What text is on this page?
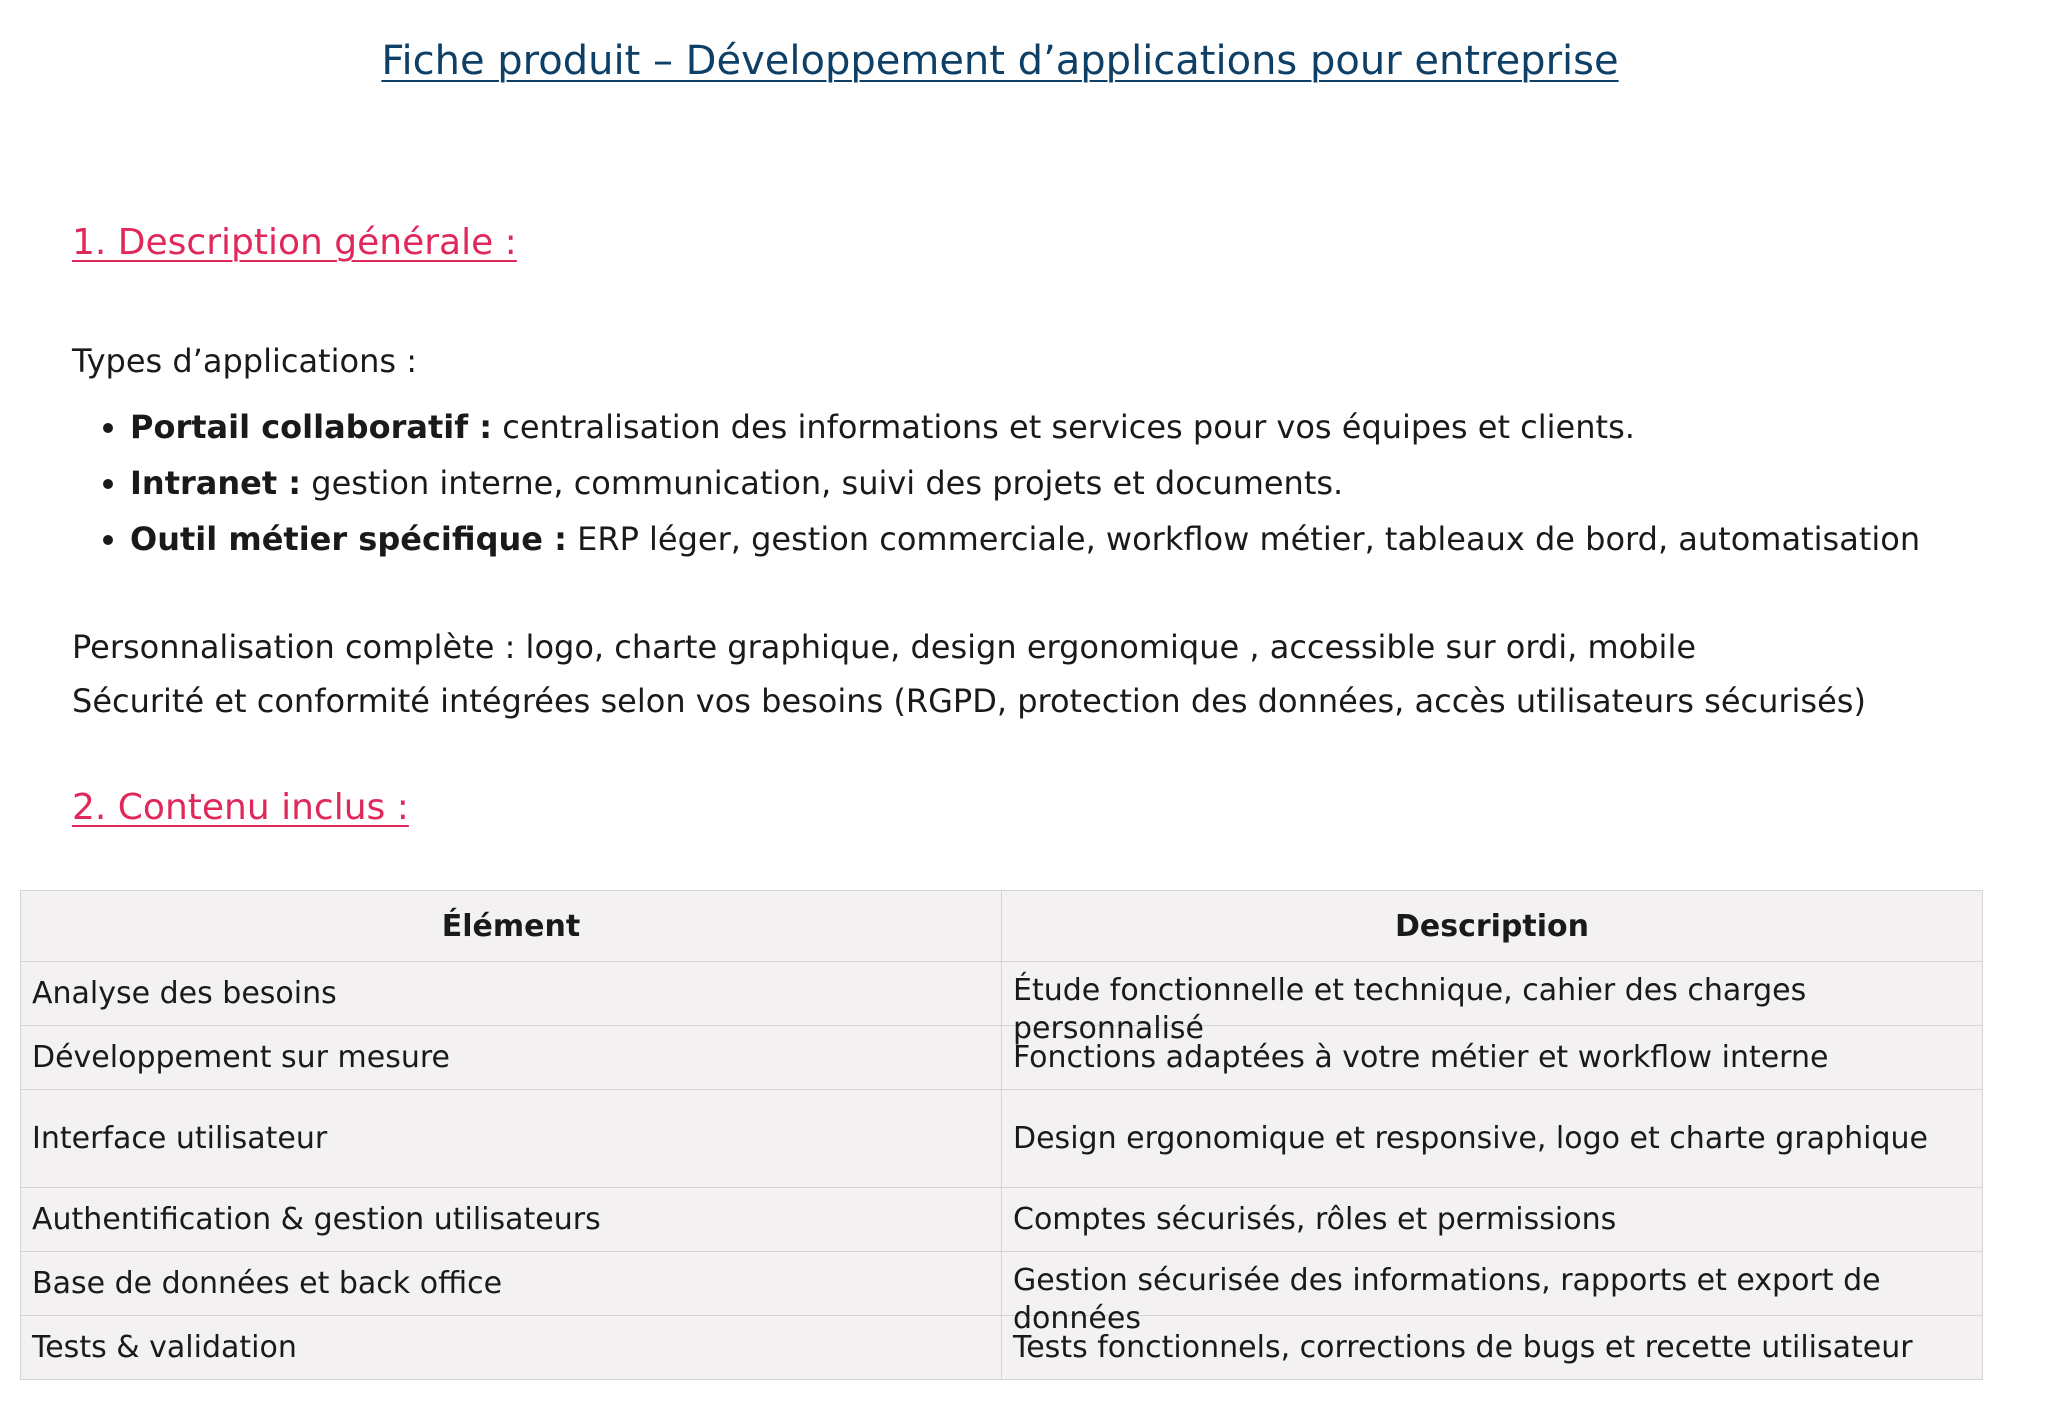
Fiche produit – Développement d’applications pour entreprise
1. Description générale :
Types d’applications :
• Portail collaboratif : centralisation des informations et services pour vos équipes et clients.
• Intranet : gestion interne, communication, suivi des projets et documents.
• Outil métier spécifique : ERP léger, gestion commerciale, workflow métier, tableaux de bord, automatisation
Personnalisation complète : logo, charte graphique, design ergonomique , accessible sur ordi, mobile
Sécurité et conformité intégrées selon vos besoins (RGPD, protection des données, accès utilisateurs sécurisés)
2. Contenu inclus :
Élément	Description
Analyse des besoins	Étude fonctionnelle et technique, cahier des charges personnalisé

Développement sur mesure	Fonctions adaptées à votre métier et workflow interne
Interface utilisateur	Design ergonomique et responsive, logo et charte graphique
Authentification & gestion utilisateurs	Comptes sécurisés, rôles et permissions
Base de données et back office	Gestion sécurisée des informations, rapports et export de données

Tests & validation	Tests fonctionnels, corrections de bugs et recette utilisateur
